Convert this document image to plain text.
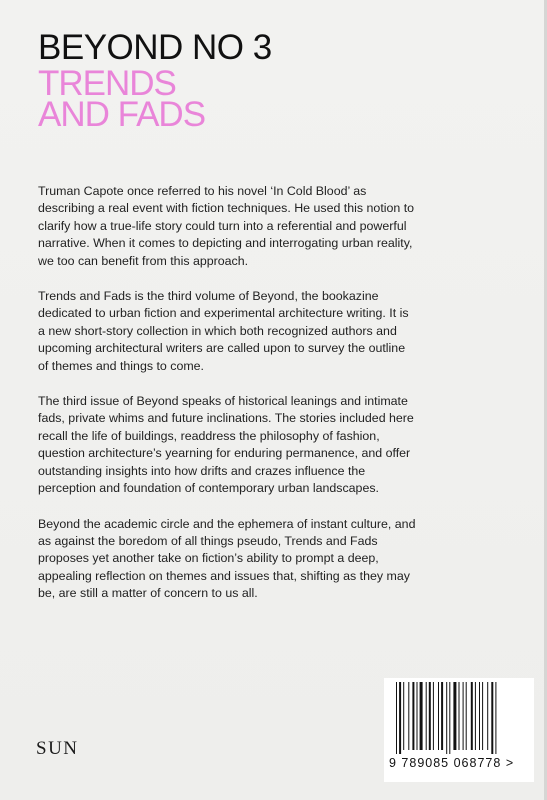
BEYOND NO 3
TRENDS
AND FADS

Truman Capote once referred to his novel ‘In Cold Blood’ as describing a real event with fiction techniques. He used this notion to clarify how a true-life story could turn into a referential and powerful narrative. When it comes to depicting and interrogating urban reality, we too can benefit from this approach.

Trends and Fads is the third volume of Beyond, the bookazine dedicated to urban fiction and experimental architecture writing. It is a new short-story collection in which both recognized authors and upcoming architectural writers are called upon to survey the outline of themes and things to come.

The third issue of Beyond speaks of historical leanings and intimate fads, private whims and future inclinations. The stories included here recall the life of buildings, readdress the philosophy of fashion, question architecture’s yearning for enduring permanence, and offer outstanding insights into how drifts and crazes influence the perception and foundation of contemporary urban landscapes.

Beyond the academic circle and the ephemera of instant culture, and as against the boredom of all things pseudo, Trends and Fads proposes yet another take on fiction’s ability to prompt a deep, appealing reflection on themes and issues that, shifting as they may be, are still a matter of concern to us all.

SUN
9 789085 068778 >
